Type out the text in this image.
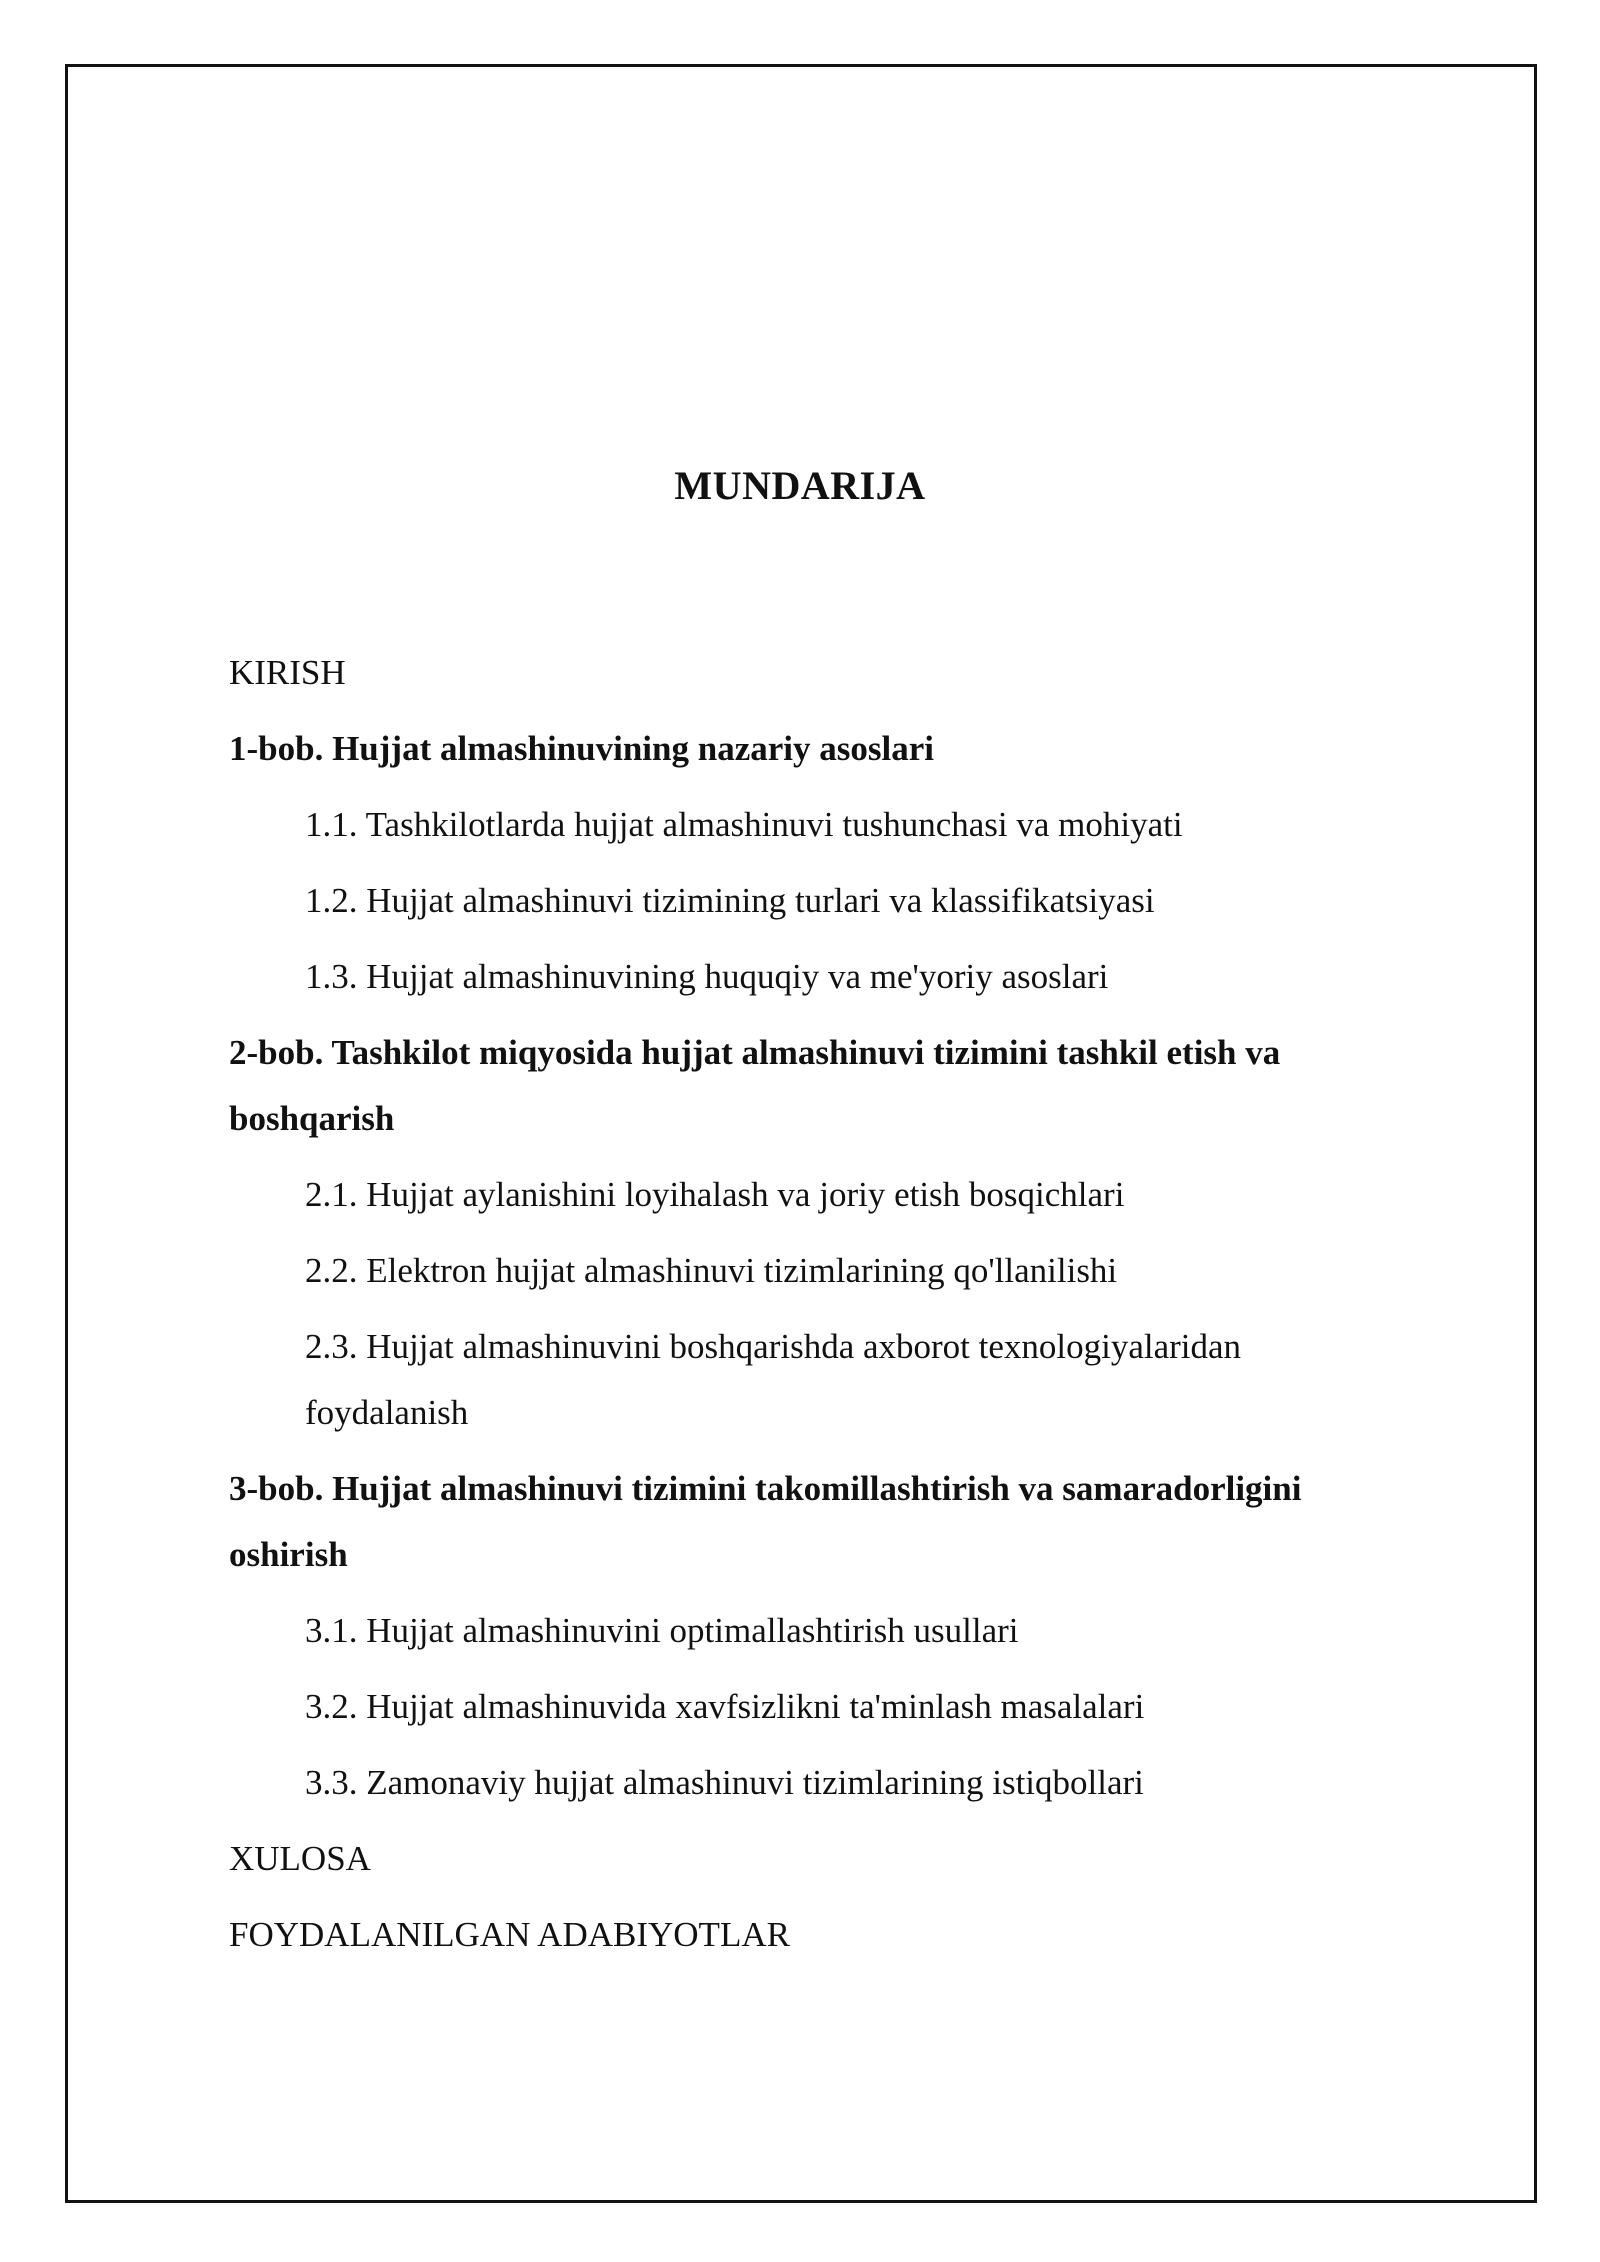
MUNDARIJA
KIRISH
1-bob. Hujjat almashinuvining nazariy asoslari
1.1. Tashkilotlarda hujjat almashinuvi tushunchasi va mohiyati
1.2. Hujjat almashinuvi tizimining turlari va klassifikatsiyasi
1.3. Hujjat almashinuvining huquqiy va me'yoriy asoslari
2-bob. Tashkilot miqyosida hujjat almashinuvi tizimini tashkil etish va boshqarish
2.1. Hujjat aylanishini loyihalash va joriy etish bosqichlari
2.2. Elektron hujjat almashinuvi tizimlarining qo'llanilishi
2.3. Hujjat almashinuvini boshqarishda axborot texnologiyalaridan foydalanish
3-bob. Hujjat almashinuvi tizimini takomillashtirish va samaradorligini oshirish
3.1. Hujjat almashinuvini optimallashtirish usullari
3.2. Hujjat almashinuvida xavfsizlikni ta'minlash masalalari
3.3. Zamonaviy hujjat almashinuvi tizimlarining istiqbollari
XULOSA
FOYDALANILGAN ADABIYOTLAR
